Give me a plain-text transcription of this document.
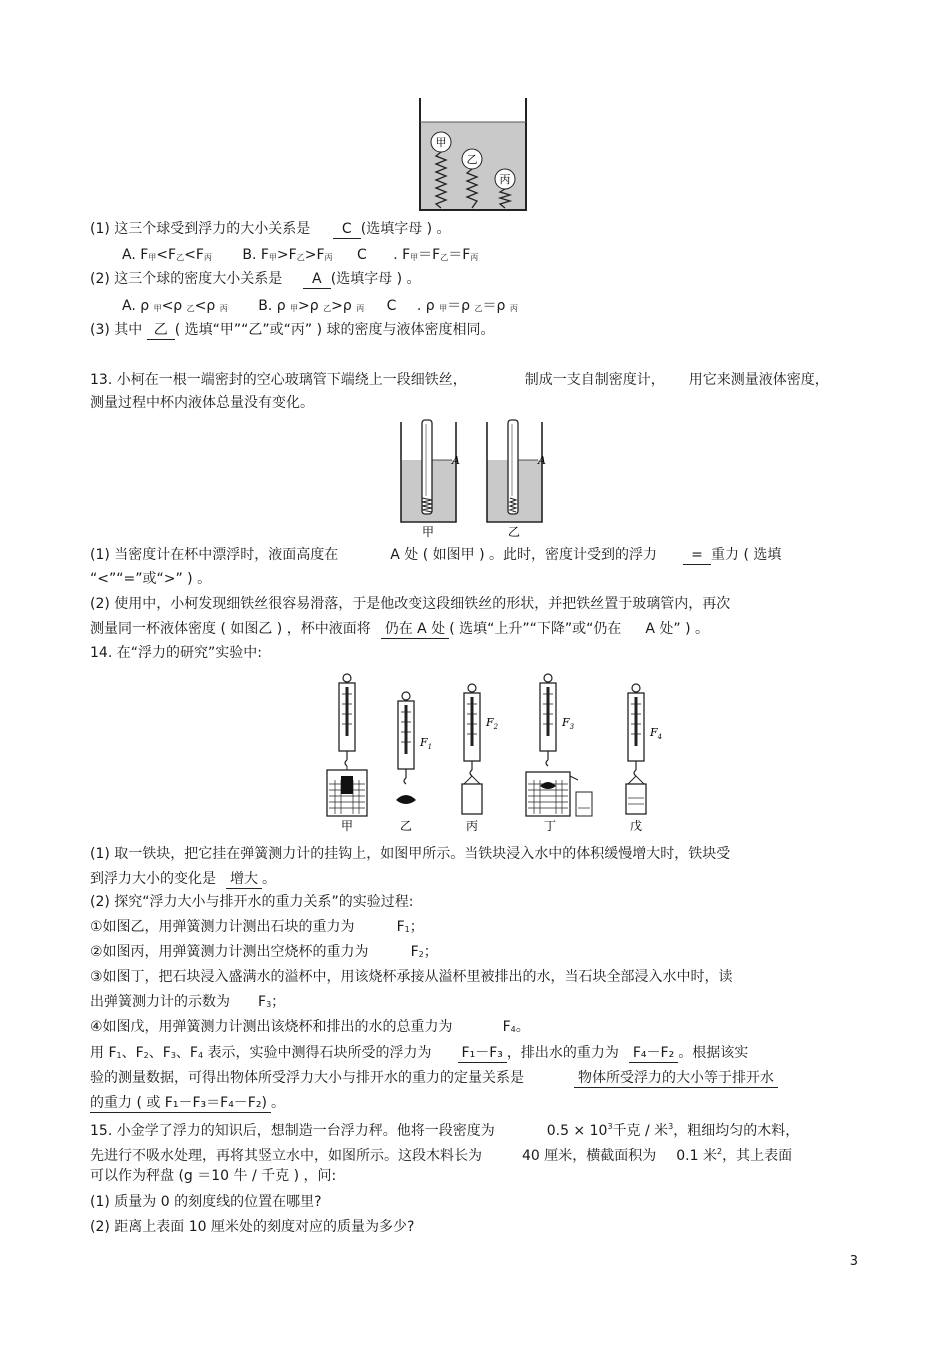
甲
乙
丙
(1) 这三个球受到浮力的大小关系是 C (选填字母 ) 。
A. F甲<F乙<F丙 B. F甲>F乙>F丙 C . F甲＝F乙＝F丙
(2) 这三个球的密度大小关系是 A (选填字母 ) 。
A. ρ 甲<ρ 乙<ρ 丙 B. ρ 甲>ρ 乙>ρ 丙 C . ρ 甲＝ρ 乙＝ρ 丙
(3) 其中 乙 ( 选填“甲”“乙”或“丙” ) 球的密度与液体密度相同。
13. 小柯在一根一端密封的空心玻璃管下端绕上一段细铁丝，	制成一支自制密度计， 用它来测量液体密度，
测量过程中杯内液体总量没有变化。
A	A
甲	乙
(1) 当密度计在杯中漂浮时，液面高度在	A 处 ( 如图甲 ) 。此时，密度计受到的浮力 = 重力 ( 选填
“<”“=”或“>” ) 。
(2) 使用中，小柯发现细铁丝很容易滑落，于是他改变这段细铁丝的形状，并把铁丝置于玻璃管内，再次
测量同一杯液体密度 ( 如图乙 ) ，杯中液面将 仍在 A 处 ( 选填“上升”“下降”或“仍在 A 处” ) 。
14. 在“浮力的研究”实验中:
$F_1$
$F_2$	$F_3$	$F_4$
甲	乙	丙	丁	戊
(1) 取一铁块，把它挂在弹簧测力计的挂钩上，如图甲所示。当铁块浸入水中的体积缓慢增大时，铁块受
到浮力大小的变化是 增大 。
(2) 探究“浮力大小与排开水的重力关系”的实验过程:
①如图乙，用弹簧测力计测出石块的重力为	F1；
②如图丙，用弹簧测力计测出空烧杯的重力为	F2；
③如图丁，把石块浸入盛满水的溢杯中，用该烧杯承接从溢杯里被排出的水，当石块全部浸入水中时，读
出弹簧测力计的示数为 F3；
④如图戊，用弹簧测力计测出该烧杯和排出的水的总重力为	F4。
用 F1、F2、F3、F4 表示，实验中测得石块所受的浮力为 F₁－F₃ ，排出水的重力为 F₄－F₂ 。根据该实
验的测量数据，可得出物体所受浮力大小与排开水的重力的定量关系是	物体所受浮力的大小等于排开水
的重力 ( 或 F₁－F₃＝F₄－F₂) 。
15. 小金学了浮力的知识后，想制造一台浮力秤。他将一段密度为	$0.5 \times 10^3$千克 / 米$^3$，粗细均匀的木料，
先进行不吸水处理，再将其竖立水中，如图所示。这段木料长为	40 厘米，横截面积为 0.1 米$^2$，其上表面
可以作为秤盘 (g ＝10 牛 / 千克 ) ，问:
(1) 质量为 0 的刻度线的位置在哪里?
(2) 距离上表面 10 厘米处的刻度对应的质量为多少?
3
